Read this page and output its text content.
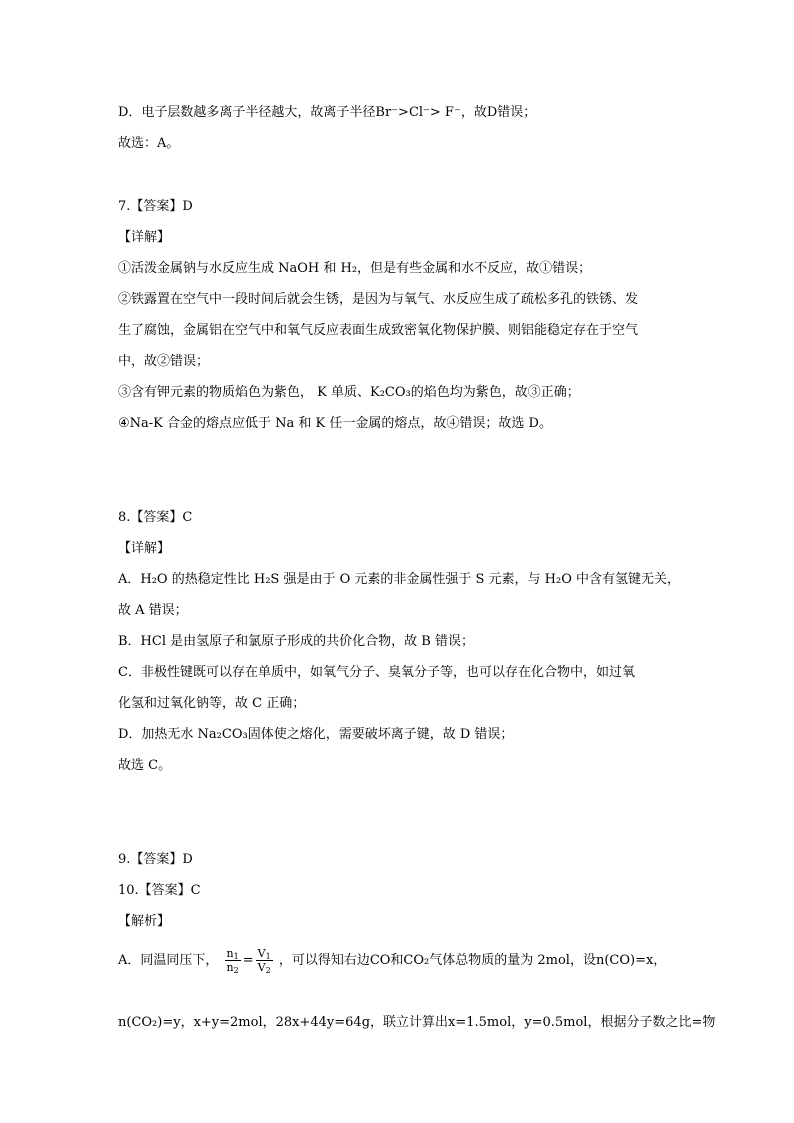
D．电子层数越多离子半径越大，故离子半径Br⁻>Cl⁻> F⁻，故D错误；
故选：A。
7.【答案】D
【详解】
①活泼金属钠与水反应生成 NaOH 和 H₂，但是有些金属和水不反应，故①错误；
②铁露置在空气中一段时间后就会生锈，是因为与氧气、水反应生成了疏松多孔的铁锈、发
生了腐蚀，金属铝在空气中和氧气反应表面生成致密氧化物保护膜、则铝能稳定存在于空气
中，故②错误；
③含有钾元素的物质焰色为紫色， K 单质、K₂CO₃的焰色均为紫色，故③正确；
④Na-K 合金的熔点应低于 Na 和 K 任一金属的熔点，故④错误；故选 D。
8.【答案】C
【详解】
A．H₂O 的热稳定性比 H₂S 强是由于 O 元素的非金属性强于 S 元素，与 H₂O 中含有氢键无关，
故 A 错误；
B．HCl 是由氢原子和氯原子形成的共价化合物，故 B 错误；
C．非极性键既可以存在单质中，如氧气分子、臭氧分子等，也可以存在化合物中，如过氧
化氢和过氧化钠等，故 C 正确；
D．加热无水 Na₂CO₃固体使之熔化，需要破坏离子键，故 D 错误；
故选 C。
9.【答案】D
10.【答案】C
【解析】
A．同温同压下， $\frac{n_1}{n_2} = \frac{V_1}{V_2}$ ，可以得知右边CO和CO₂气体总物质的量为 2mol，设n(CO)=x，
n(CO₂)=y，x+y=2mol，28x+44y=64g，联立计算出x=1.5mol，y=0.5mol，根据分子数之比=物
